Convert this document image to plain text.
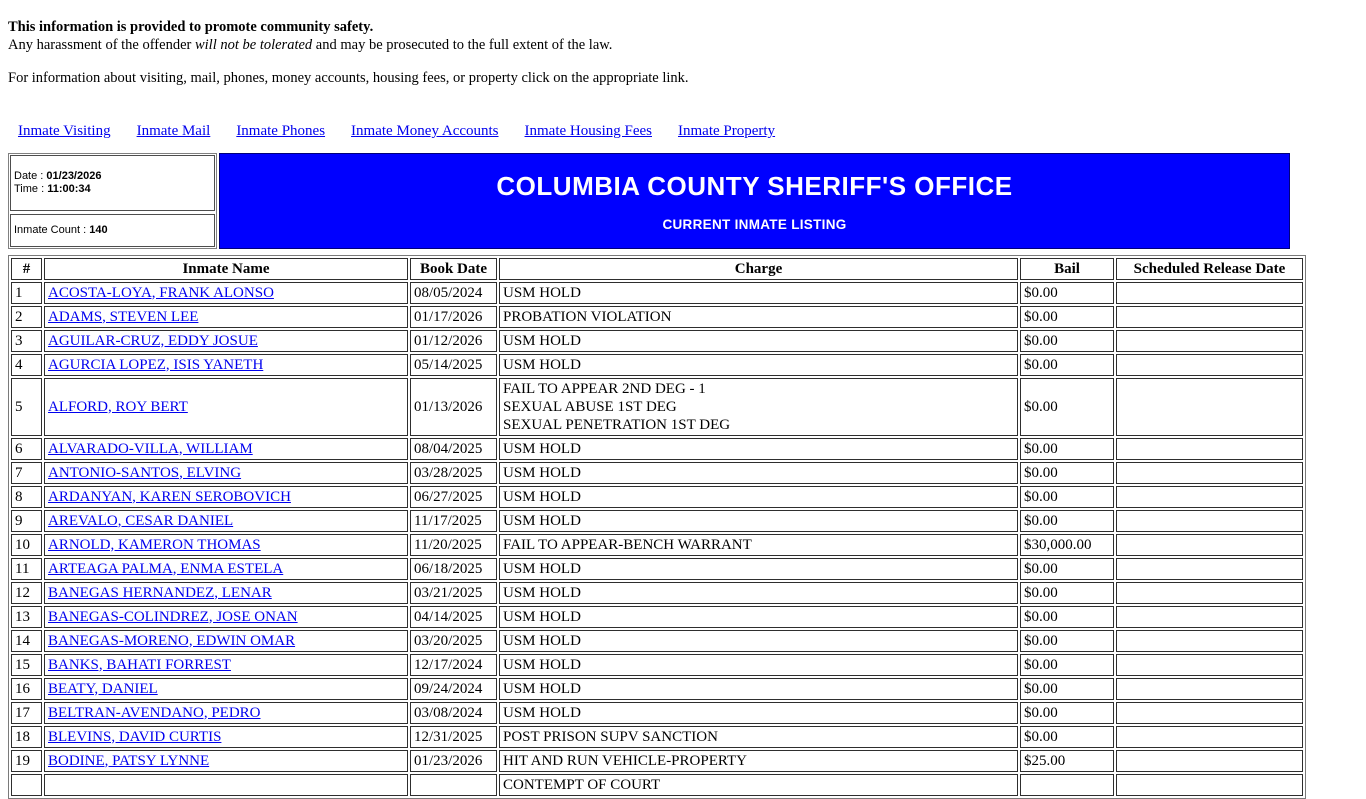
This information is provided to promote community safety.
Any harassment of the offender will not be tolerated and may be prosecuted to the full extent of the law.
For information about visiting, mail, phones, money accounts, housing fees, or property click on the appropriate link.
Inmate Visiting Inmate Mail Inmate Phones Inmate Money Accounts Inmate Housing Fees Inmate Property
Date : 01/23/2026
Time : 11:00:34
Inmate Count : 140
COLUMBIA COUNTY SHERIFF'S OFFICE
CURRENT INMATE LISTING
#	Inmate Name	Book Date	Charge	Bail	Scheduled Release Date
1	ACOSTA-LOYA, FRANK ALONSO	08/05/2024	USM HOLD	$0.00	
2	ADAMS, STEVEN LEE	01/17/2026	PROBATION VIOLATION	$0.00	
3	AGUILAR-CRUZ, EDDY JOSUE	01/12/2026	USM HOLD	$0.00	
4	AGURCIA LOPEZ, ISIS YANETH	05/14/2025	USM HOLD	$0.00	
5	ALFORD, ROY BERT	01/13/2026	FAIL TO APPEAR 2ND DEG - 1
SEXUAL ABUSE 1ST DEG
SEXUAL PENETRATION 1ST DEG	$0.00	
6	ALVARADO-VILLA, WILLIAM	08/04/2025	USM HOLD	$0.00	
7	ANTONIO-SANTOS, ELVING	03/28/2025	USM HOLD	$0.00	
8	ARDANYAN, KAREN SEROBOVICH	06/27/2025	USM HOLD	$0.00	
9	AREVALO, CESAR DANIEL	11/17/2025	USM HOLD	$0.00	
10	ARNOLD, KAMERON THOMAS	11/20/2025	FAIL TO APPEAR-BENCH WARRANT	$30,000.00	
11	ARTEAGA PALMA, ENMA ESTELA	06/18/2025	USM HOLD	$0.00	
12	BANEGAS HERNANDEZ, LENAR	03/21/2025	USM HOLD	$0.00	
13	BANEGAS-COLINDREZ, JOSE ONAN	04/14/2025	USM HOLD	$0.00	
14	BANEGAS-MORENO, EDWIN OMAR	03/20/2025	USM HOLD	$0.00	
15	BANKS, BAHATI FORREST	12/17/2024	USM HOLD	$0.00	
16	BEATY, DANIEL	09/24/2024	USM HOLD	$0.00	
17	BELTRAN-AVENDANO, PEDRO	03/08/2024	USM HOLD	$0.00	
18	BLEVINS, DAVID CURTIS	12/31/2025	POST PRISON SUPV SANCTION	$0.00	
19	BODINE, PATSY LYNNE	01/23/2026	HIT AND RUN VEHICLE-PROPERTY	$25.00	

			CONTEMPT OF COURT		
